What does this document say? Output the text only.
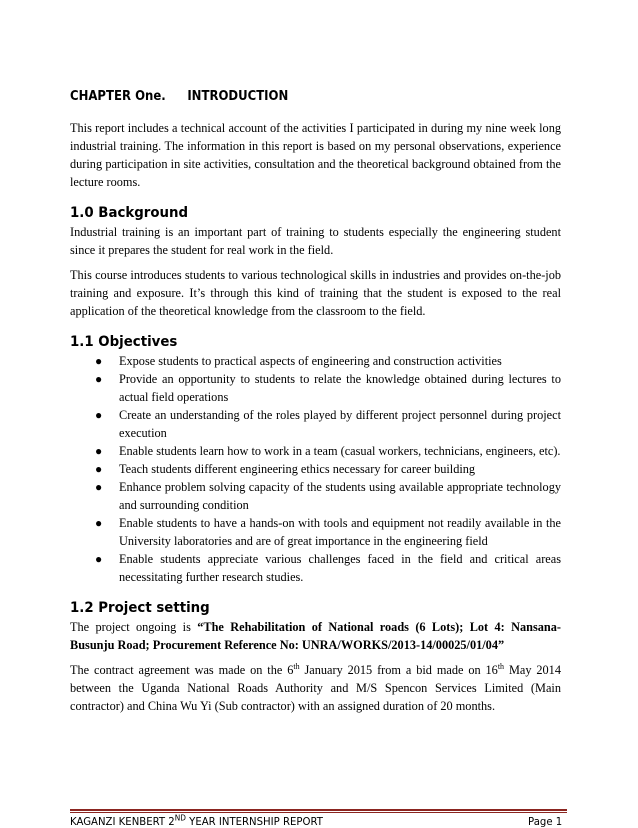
CHAPTER One. INTRODUCTION

This report includes a technical account of the activities I participated in during my nine week long industrial training. The information in this report is based on my personal observations, experience during participation in site activities, consultation and the theoretical background obtained from the lecture rooms.

1.0 Background

Industrial training is an important part of training to students especially the engineering student since it prepares the student for real work in the field.

This course introduces students to various technological skills in industries and provides on-the-job training and exposure. It’s through this kind of training that the student is exposed to the real application of the theoretical knowledge from the classroom to the field.

1.1 Objectives
● Expose students to practical aspects of engineering and construction activities
● Provide an opportunity to students to relate the knowledge obtained during lectures to actual field operations
● Create an understanding of the roles played by different project personnel during project execution
● Enable students learn how to work in a team (casual workers, technicians, engineers, etc).
● Teach students different engineering ethics necessary for career building
● Enhance problem solving capacity of the students using available appropriate technology and surrounding condition
● Enable students to have a hands-on with tools and equipment not readily available in the University laboratories and are of great importance in the engineering field
● Enable students appreciate various challenges faced in the field and critical areas necessitating further research studies.
1.2 Project setting

The project ongoing is “The Rehabilitation of National roads (6 Lots); Lot 4: Nansana-Busunju Road; Procurement Reference No: UNRA/WORKS/2013-14/00025/01/04”

The contract agreement was made on the 6th January 2015 from a bid made on 16th May 2014 between the Uganda National Roads Authority and M/S Spencon Services Limited (Main contractor) and China Wu Yi (Sub contractor) with an assigned duration of 20 months.

KAGANZI KENBERT 2ND YEAR INTERNSHIP REPORT	Page 1
